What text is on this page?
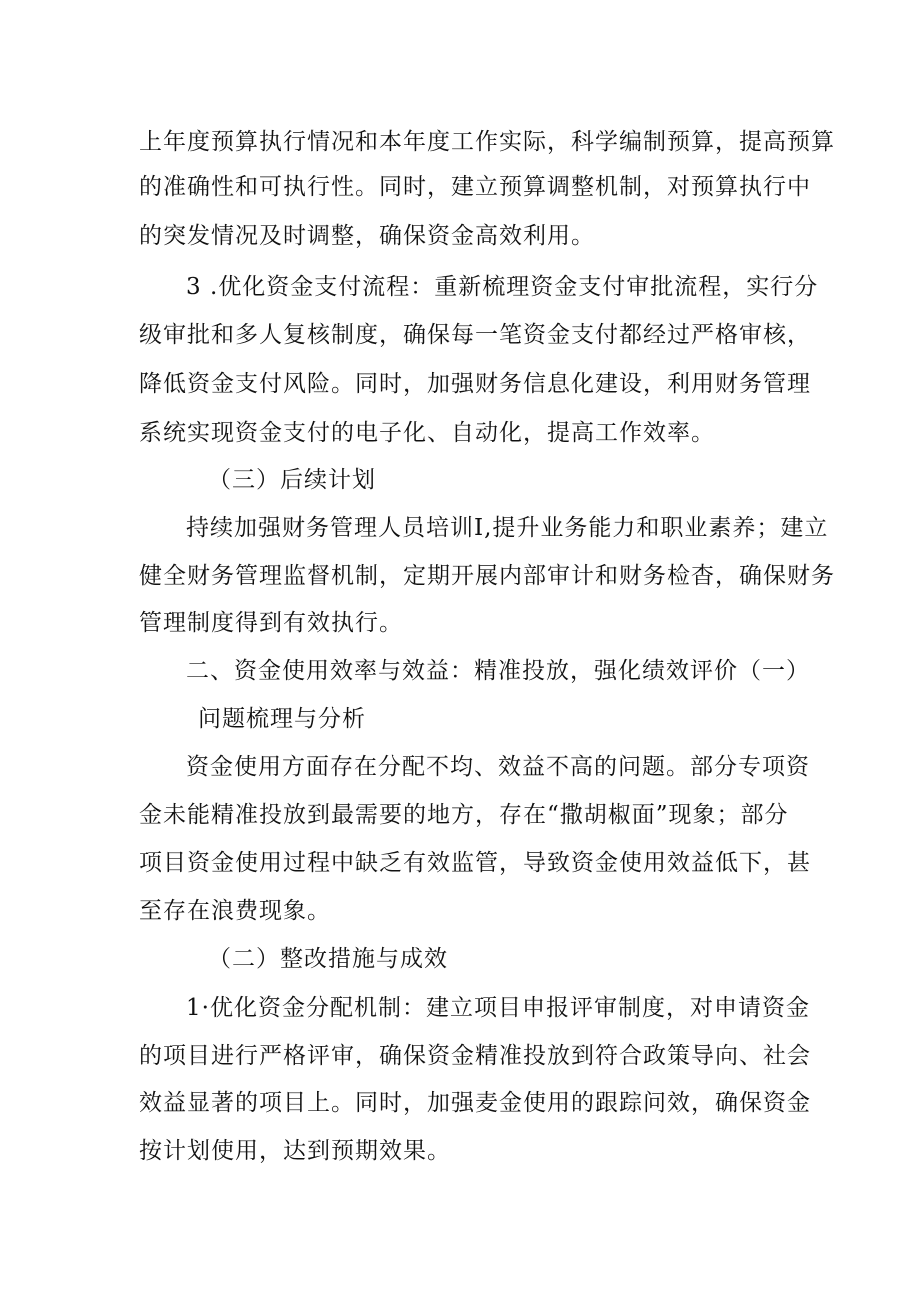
上年度预算执行情况和本年度工作实际，科学编制预算，提高预算
的准确性和可执行性。同时，建立预算调整机制，对预算执行中
的突发情况及时调整，确保资金高效利用。
3 .优化资金支付流程：重新梳理资金支付审批流程，实行分
级审批和多人复核制度，确保每一笔资金支付都经过严格审核，
降低资金支付风险。同时，加强财务信息化建设，利用财务管理
系统实现资金支付的电子化、自动化，提高工作效率。
（三）后续计划
持续加强财务管理人员培训I,提升业务能力和职业素养；建立
健全财务管理监督机制，定期开展内部审计和财务检杳，确保财务
管理制度得到有效执行。
二、资金使用效率与效益：精准投放，强化绩效评价（一）
问题梳理与分析
资金使用方面存在分配不均、效益不高的问题。部分专项资
金未能精准投放到最需要的地方，存在“撒胡椒面”现象；部分
项目资金使用过程中缺乏有效监管，导致资金使用效益低下，甚
至存在浪费现象。
（二）整改措施与成效
1·优化资金分配机制：建立项目申报评审制度，对申请资金
的项目进行严格评审，确保资金精准投放到符合政策导向、社会
效益显著的项目上。同时，加强麦金使用的跟踪问效，确保资金
按计划使用，达到预期效果。
